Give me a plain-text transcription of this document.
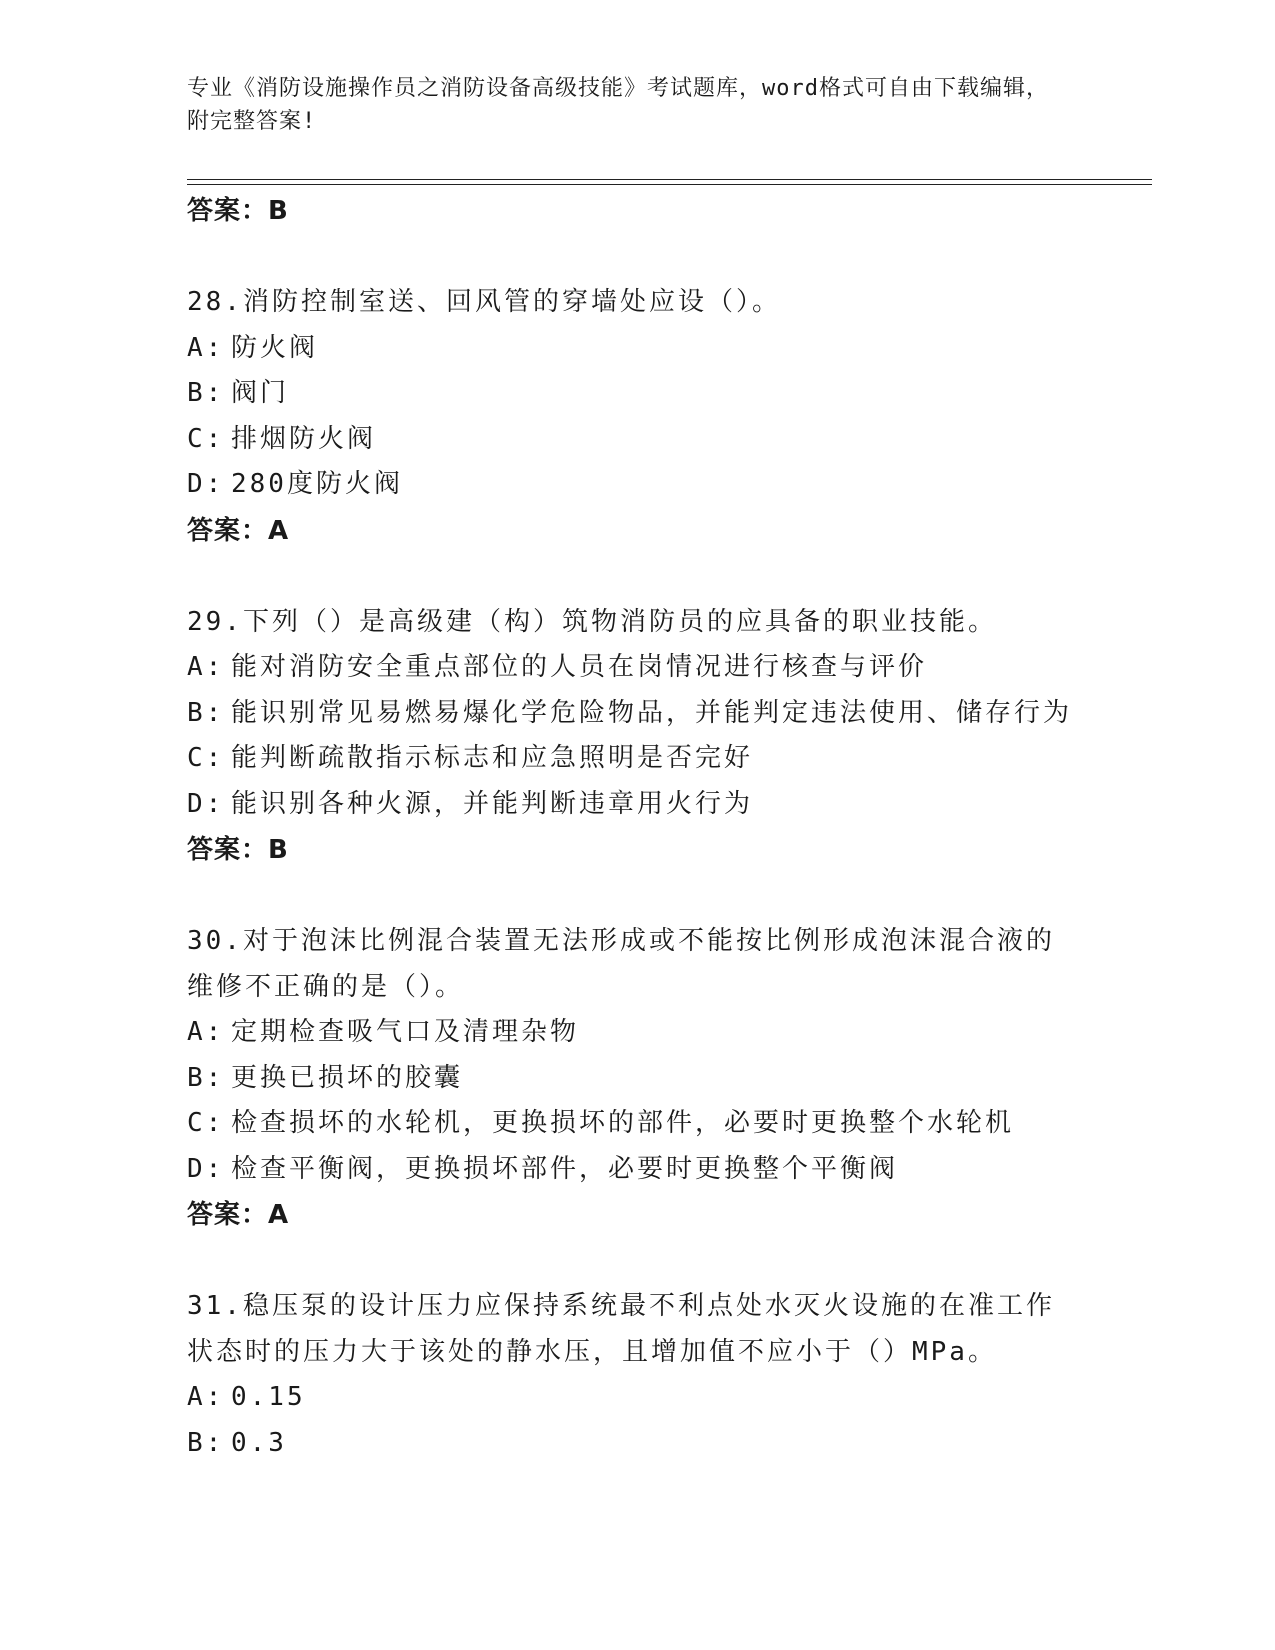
专业《消防设施操作员之消防设备高级技能》考试题库，word格式可自由下载编辑，附完整答案!
答案：B
28.消防控制室送、回风管的穿墙处应设（）。
A: 防火阀
B: 阀门
C: 排烟防火阀
D: 280度防火阀
答案：A
29.下列（）是高级建（构）筑物消防员的应具备的职业技能。
A: 能对消防安全重点部位的人员在岗情况进行核查与评价
B: 能识别常见易燃易爆化学危险物品，并能判定违法使用、储存行为
C: 能判断疏散指示标志和应急照明是否完好
D: 能识别各种火源，并能判断违章用火行为
答案：B
30.对于泡沫比例混合装置无法形成或不能按比例形成泡沫混合液的维修不正确的是（）。
A: 定期检查吸气口及清理杂物
B: 更换已损坏的胶囊
C: 检查损坏的水轮机，更换损坏的部件，必要时更换整个水轮机
D: 检查平衡阀，更换损坏部件，必要时更换整个平衡阀
答案：A
31.稳压泵的设计压力应保持系统最不利点处水灭火设施的在准工作状态时的压力大于该处的静水压，且增加值不应小于（）MPa。
A: 0.15
B: 0.3
